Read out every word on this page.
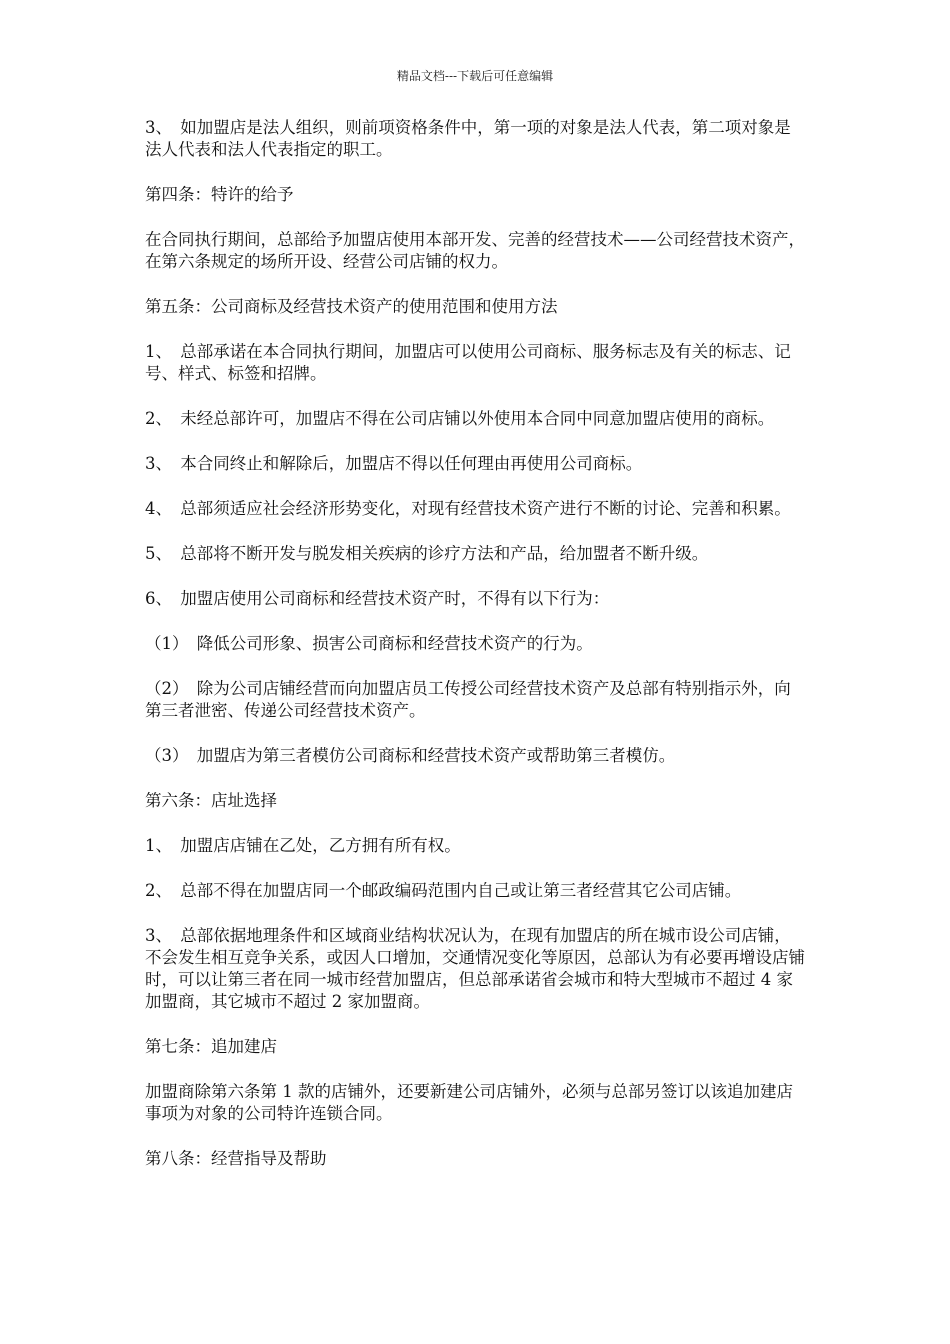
精品文档---下载后可任意编辑

3、　如加盟店是法人组织，则前项资格条件中，第一项的对象是法人代表，第二项对象是法人代表和法人代表指定的职工。

第四条：特许的给予

在合同执行期间，总部给予加盟店使用本部开发、完善的经营技术——公司经营技术资产，在第六条规定的场所开设、经营公司店铺的权力。

第五条：公司商标及经营技术资产的使用范围和使用方法

1、　总部承诺在本合同执行期间，加盟店可以使用公司商标、服务标志及有关的标志、记号、样式、标签和招牌。

2、　未经总部许可，加盟店不得在公司店铺以外使用本合同中同意加盟店使用的商标。

3、　本合同终止和解除后，加盟店不得以任何理由再使用公司商标。

4、　总部须适应社会经济形势变化，对现有经营技术资产进行不断的讨论、完善和积累。

5、　总部将不断开发与脱发相关疾病的诊疗方法和产品，给加盟者不断升级。

6、　加盟店使用公司商标和经营技术资产时，不得有以下行为：

（1）　降低公司形象、损害公司商标和经营技术资产的行为。

（2）　除为公司店铺经营而向加盟店员工传授公司经营技术资产及总部有特别指示外，向第三者泄密、传递公司经营技术资产。

（3）　加盟店为第三者模仿公司商标和经营技术资产或帮助第三者模仿。

第六条：店址选择

1、　加盟店店铺在乙处，乙方拥有所有权。

2、　总部不得在加盟店同一个邮政编码范围内自己或让第三者经营其它公司店铺。

3、　总部依据地理条件和区域商业结构状况认为，在现有加盟店的所在城市设公司店铺，不会发生相互竞争关系，或因人口增加，交通情况变化等原因，总部认为有必要再增设店铺时，可以让第三者在同一城市经营加盟店，但总部承诺省会城市和特大型城市不超过 4 家加盟商，其它城市不超过 2 家加盟商。

第七条：追加建店

加盟商除第六条第 1 款的店铺外，还要新建公司店铺外，必须与总部另签订以该追加建店事项为对象的公司特许连锁合同。

第八条：经营指导及帮助
